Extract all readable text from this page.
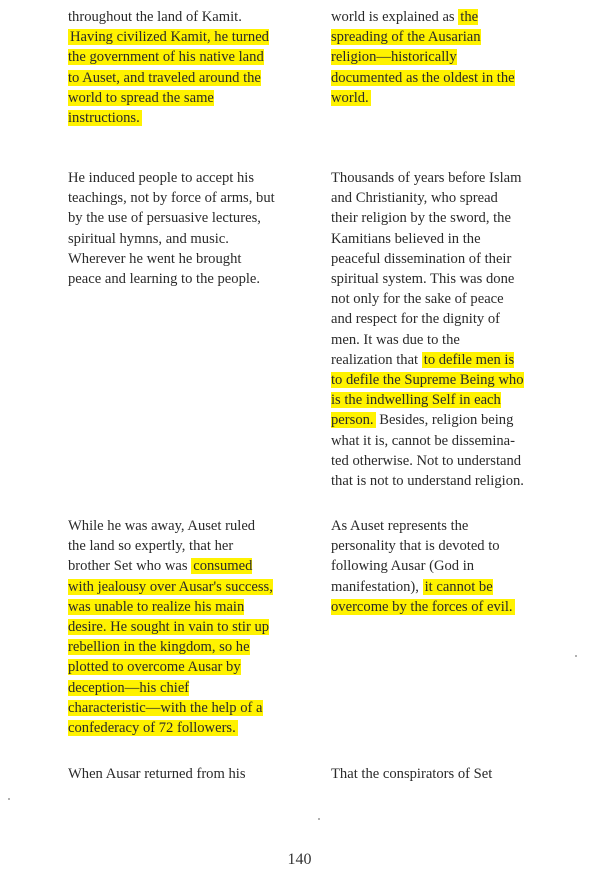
throughout the land of Kamit.
Having civilized Kamit, he turned
the government of his native land
to Auset, and traveled around the
world to spread the same
instructions.

He induced people to accept his
teachings, not by force of arms, but
by the use of persuasive lectures,
spiritual hymns, and music.
Wherever he went he brought
peace and learning to the people.

While he was away, Auset ruled
the land so expertly, that her
brother Set who was consumed
with jealousy over Ausar's success,
was unable to realize his main
desire. He sought in vain to stir up
rebellion in the kingdom, so he
plotted to overcome Ausar by
deception—his chief
characteristic—with the help of a
confederacy of 72 followers.

When Ausar returned from his

world is explained as the
spreading of the Ausarian
religion—historically
documented as the oldest in the
world.

Thousands of years before Islam
and Christianity, who spread
their religion by the sword, the
Kamitians believed in the
peaceful dissemination of their
spiritual system. This was done
not only for the sake of peace
and respect for the dignity of
men. It was due to the
realization that to defile men is
to defile the Supreme Being who
is the indwelling Self in each
person. Besides, religion being
what it is, cannot be dissemina-
ted otherwise. Not to understand
that is not to understand religion.

As Auset represents the
personality that is devoted to
following Ausar (God in
manifestation), it cannot be
overcome by the forces of evil.

That the conspirators of Set

140
